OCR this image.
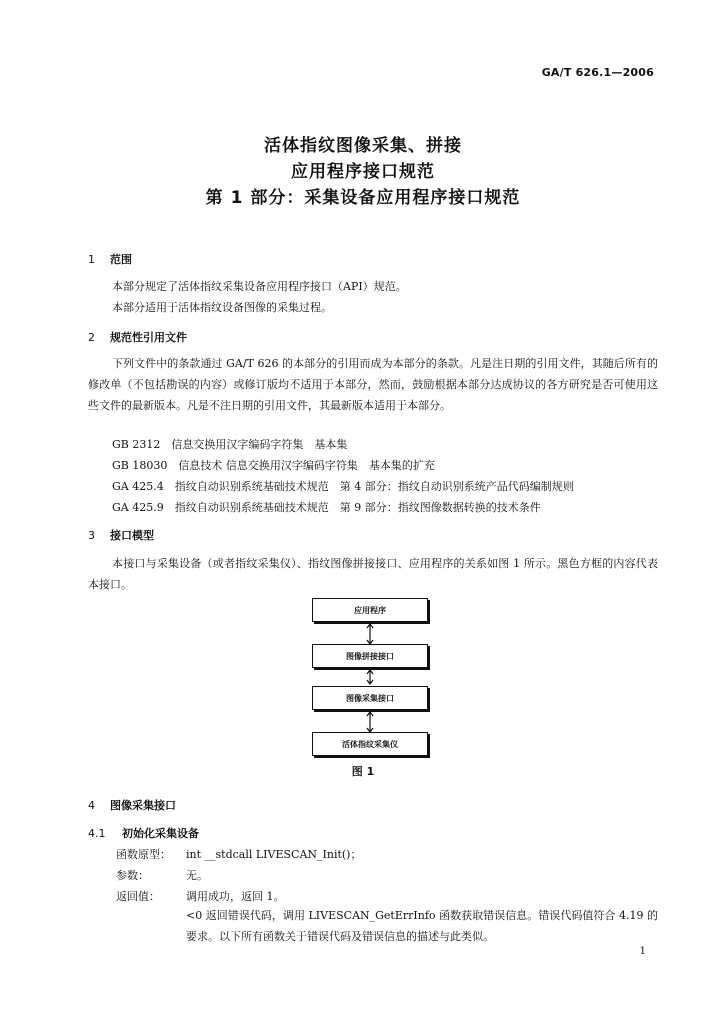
GA/T 626.1—2006
活体指纹图像采集、拼接
应用程序接口规范
第 1 部分：采集设备应用程序接口规范
1 范围
本部分规定了活体指纹采集设备应用程序接口（API）规范。
本部分适用于活体指纹设备图像的采集过程。
2 规范性引用文件
下列文件中的条款通过 GA/T 626 的本部分的引用而成为本部分的条款。凡是注日期的引用文件，其随后所有的修改单（不包括勘误的内容）或修订版均不适用于本部分，然而，鼓励根据本部分达成协议的各方研究是否可使用这些文件的最新版本。凡是不注日期的引用文件，其最新版本适用于本部分。
GB 2312　信息交换用汉字编码字符集　基本集
GB 18030　信息技术 信息交换用汉字编码字符集　基本集的扩充
GA 425.4　指纹自动识别系统基础技术规范　第 4 部分：指纹自动识别系统产品代码编制规则
GA 425.9　指纹自动识别系统基础技术规范　第 9 部分：指纹图像数据转换的技术条件
3 接口模型
本接口与采集设备（或者指纹采集仪）、指纹图像拼接接口、应用程序的关系如图 1 所示。黑色方框的内容代表本接口。
应用程序
图像拼接接口
图像采集接口
活体指纹采集仪
图 1
4 图像采集接口
4.1 初始化采集设备
函数原型： int __stdcall LIVESCAN_Init()；
参数：	无。
返回值： 调用成功，返回 1。
<0 返回错误代码，调用 LIVESCAN_GetErrInfo 函数获取错误信息。错误代码值符合 4.19 的要求。以下所有函数关于错误代码及错误信息的描述与此类似。
1
